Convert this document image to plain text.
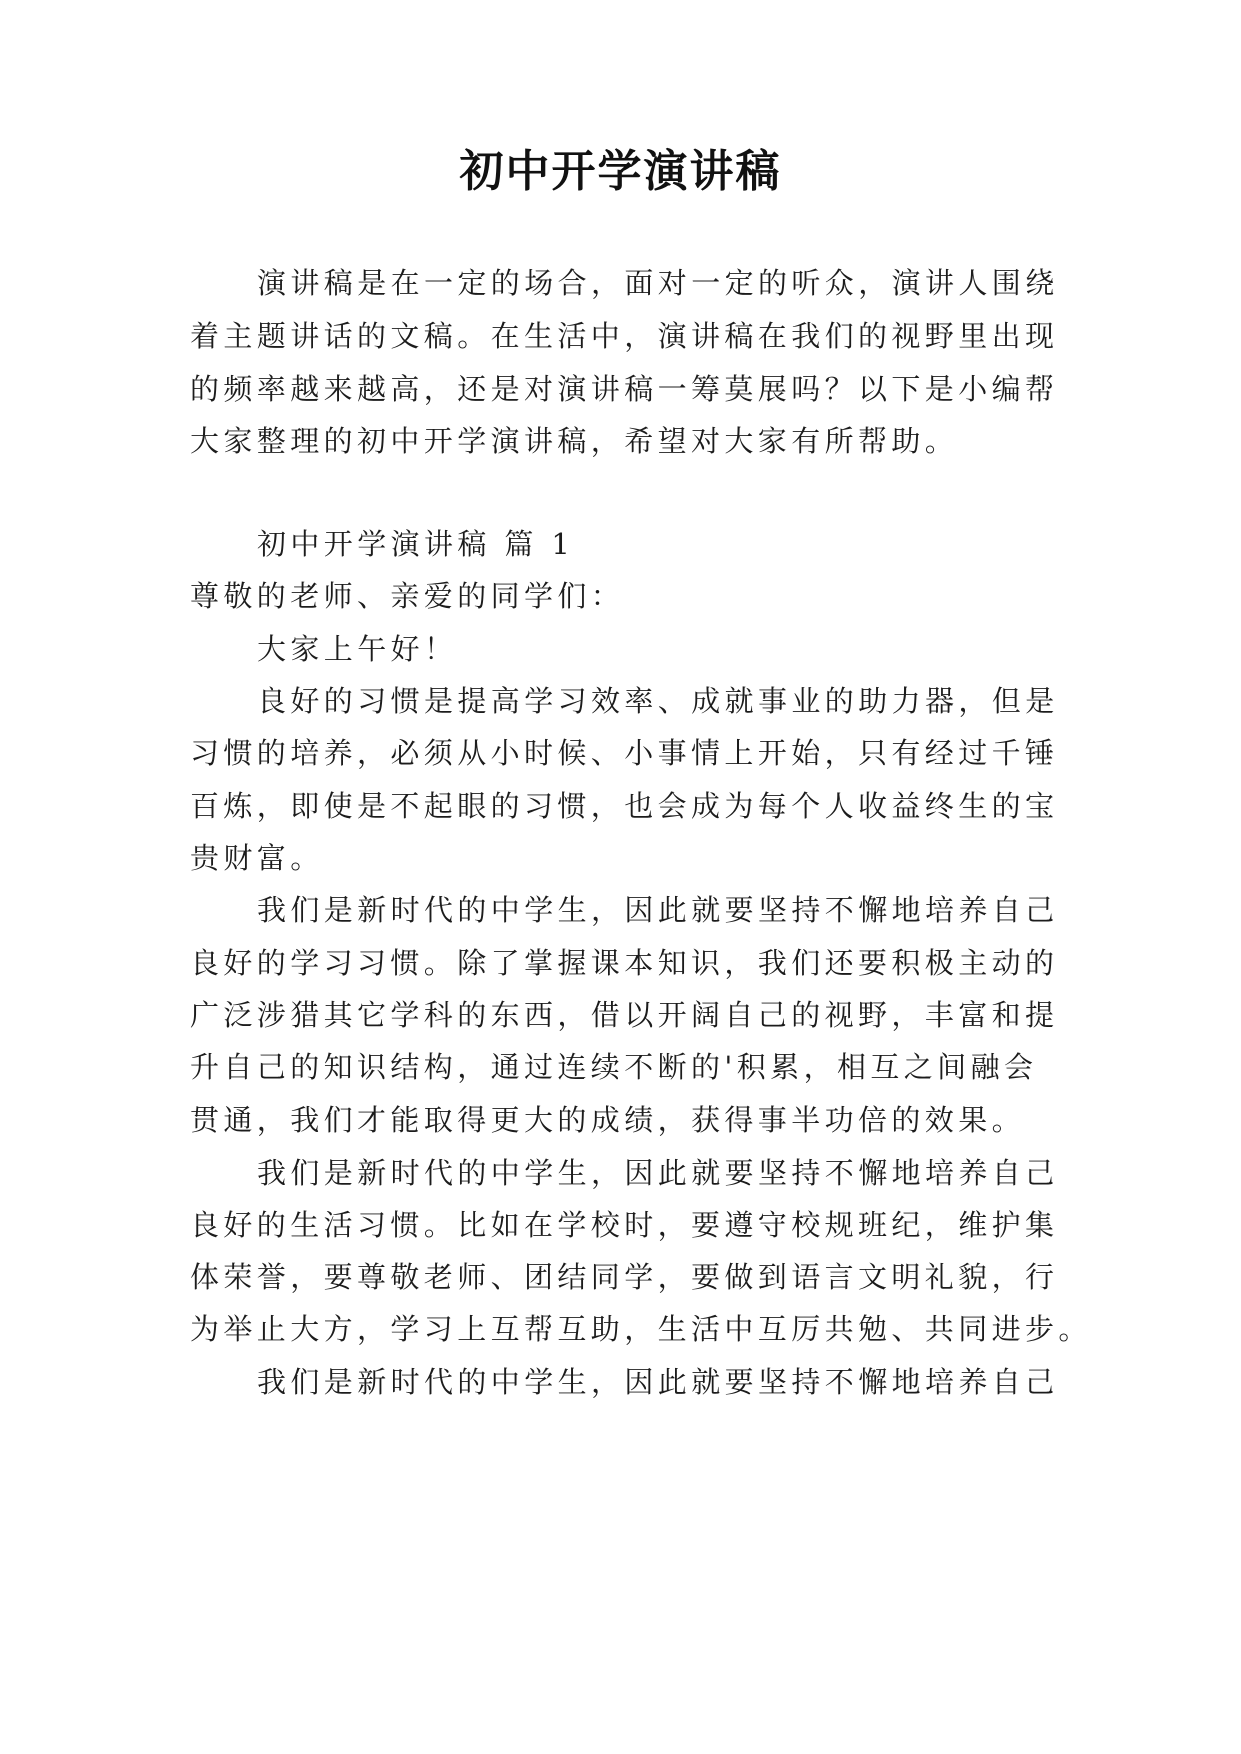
初中开学演讲稿
演讲稿是在一定的场合，面对一定的听众，演讲人围绕
着主题讲话的文稿。在生活中，演讲稿在我们的视野里出现
的频率越来越高，还是对演讲稿一筹莫展吗？以下是小编帮
大家整理的初中开学演讲稿，希望对大家有所帮助。
初中开学演讲稿 篇 1
尊敬的老师、亲爱的同学们：
大家上午好！
良好的习惯是提高学习效率、成就事业的助力器，但是
习惯的培养，必须从小时候、小事情上开始，只有经过千锤
百炼，即使是不起眼的习惯，也会成为每个人收益终生的宝
贵财富。
我们是新时代的中学生，因此就要坚持不懈地培养自己
良好的学习习惯。除了掌握课本知识，我们还要积极主动的
广泛涉猎其它学科的东西，借以开阔自己的视野，丰富和提
升自己的知识结构，通过连续不断的'积累，相互之间融会
贯通，我们才能取得更大的成绩，获得事半功倍的效果。
我们是新时代的中学生，因此就要坚持不懈地培养自己
良好的生活习惯。比如在学校时，要遵守校规班纪，维护集
体荣誉，要尊敬老师、团结同学，要做到语言文明礼貌，行
为举止大方，学习上互帮互助，生活中互厉共勉、共同进步。
我们是新时代的中学生，因此就要坚持不懈地培养自己
